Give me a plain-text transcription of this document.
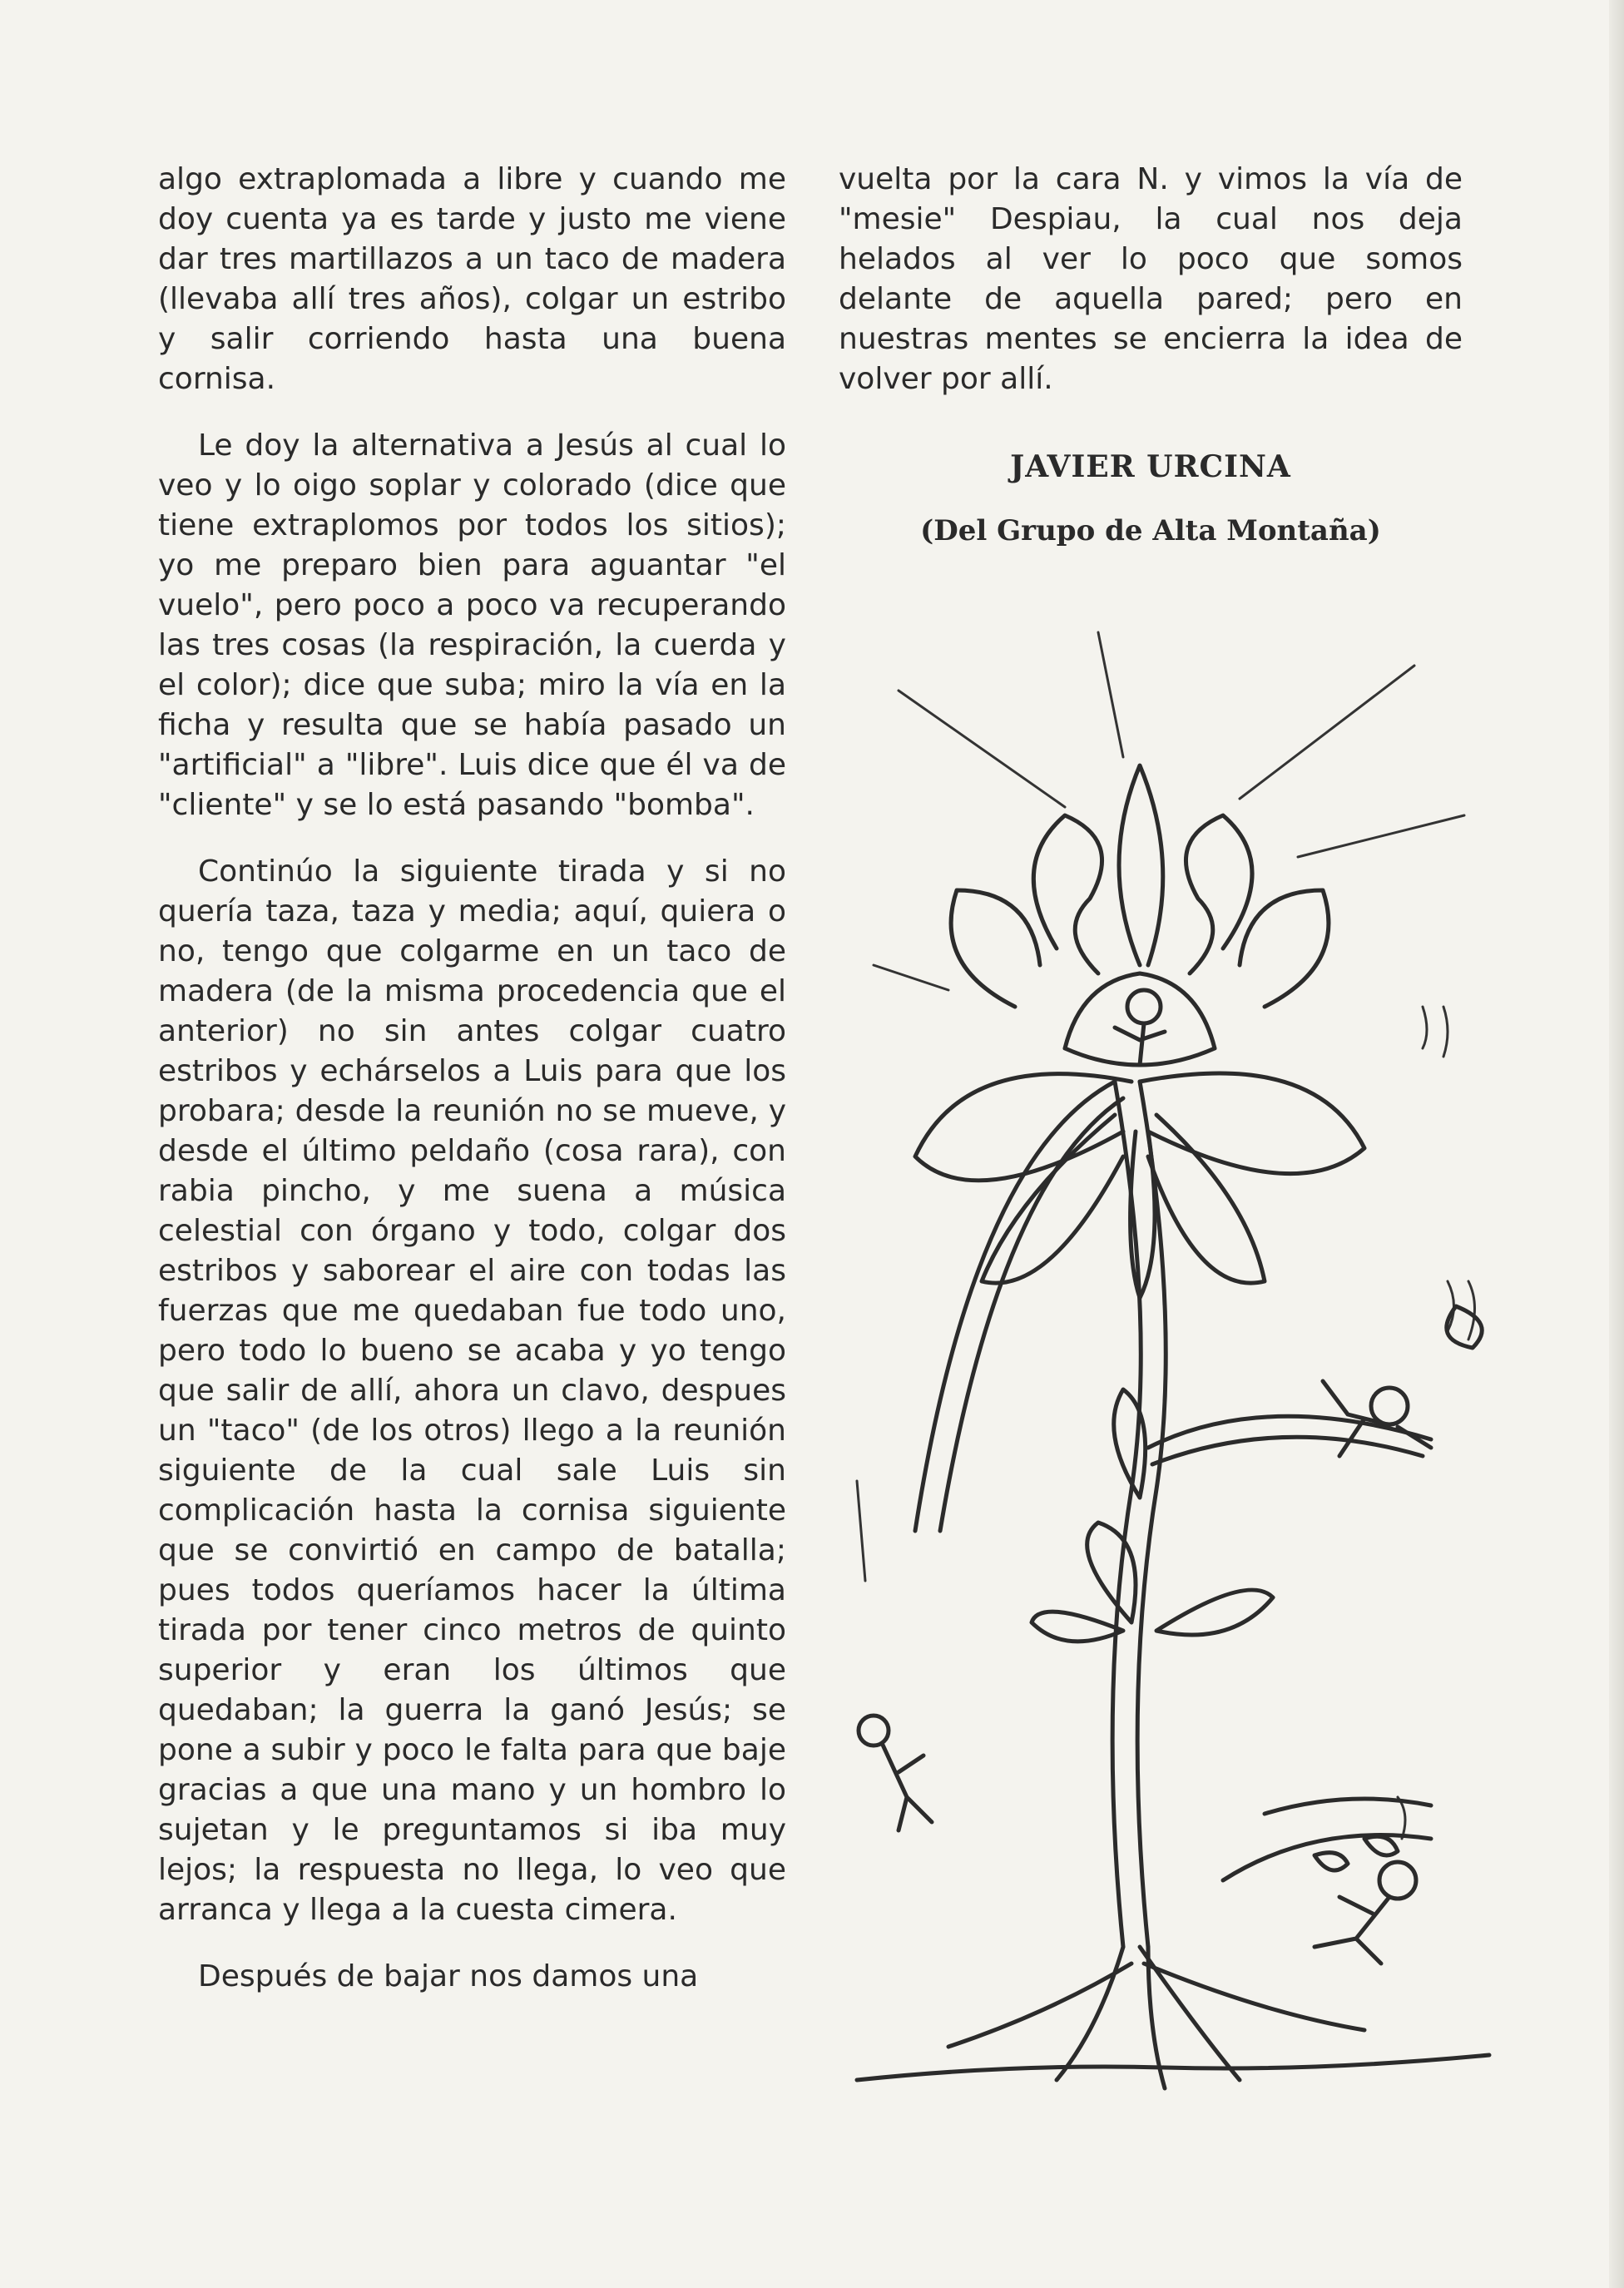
algo extraplomada a libre y cuando me doy cuenta ya es tarde y justo me viene dar tres martillazos a un taco de madera (llevaba allí tres años), colgar un estribo y salir corriendo hasta una buena cornisa.

Le doy la alternativa a Jesús al cual lo veo y lo oigo soplar y colorado (dice que tiene extraplomos por todos los sitios); yo me preparo bien para aguantar "el vuelo", pero poco a poco va recuperando las tres cosas (la respiración, la cuerda y el color); dice que suba; miro la vía en la ficha y resulta que se había pasado un "artificial" a "libre". Luis dice que él va de "cliente" y se lo está pasando "bomba".

Continúo la siguiente tirada y si no quería taza, taza y media; aquí, quiera o no, tengo que colgarme en un taco de madera (de la misma procedencia que el anterior) no sin antes colgar cuatro estribos y echárselos a Luis para que los probara; desde la reunión no se mueve, y desde el último peldaño (cosa rara), con rabia pincho, y me suena a música celestial con órgano y todo, colgar dos estribos y saborear el aire con todas las fuerzas que me quedaban fue todo uno, pero todo lo bueno se acaba y yo tengo que salir de allí, ahora un clavo, despues un "taco" (de los otros) llego a la reunión siguiente de la cual sale Luis sin complicación hasta la cornisa siguiente que se convirtió en campo de batalla; pues todos queríamos hacer la última tirada por tener cinco metros de quinto superior y eran los últimos que quedaban; la guerra la ganó Jesús; se pone a subir y poco le falta para que baje gracias a que una mano y un hombro lo sujetan y le preguntamos si iba muy lejos; la respuesta no llega, lo veo que arranca y llega a la cuesta cimera.

Después de bajar nos damos una

vuelta por la cara N. y vimos la vía de "mesie" Despiau, la cual nos deja helados al ver lo poco que somos delante de aquella pared; pero en nuestras mentes se encierra la idea de volver por allí.

JAVIER URCINA
(Del Grupo de Alta Montaña)
